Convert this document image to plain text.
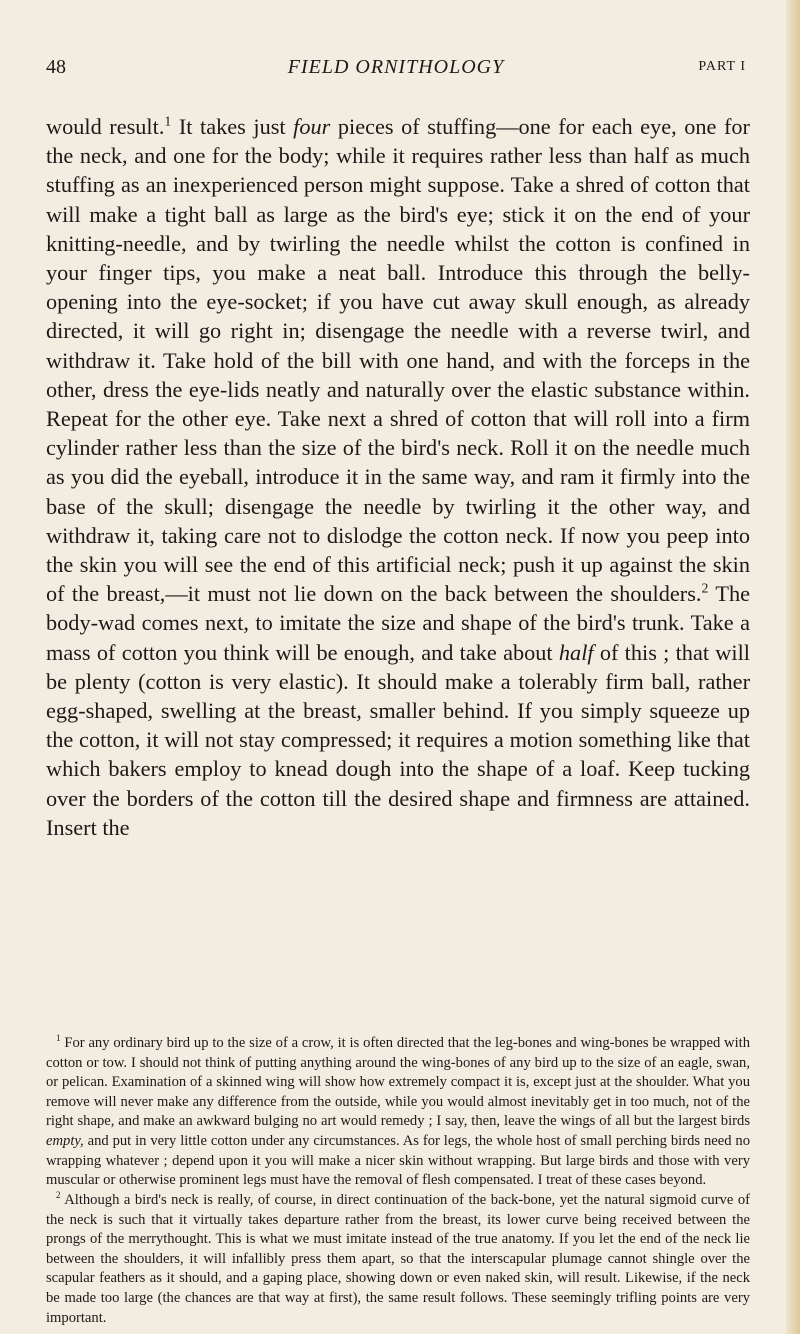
48	FIELD ORNITHOLOGY	PART I

would result.$^1$ It takes just four pieces of stuffing—one for each eye, one for the neck, and one for the body; while it requires rather less than half as much stuffing as an inexperienced person might suppose. Take a shred of cotton that will make a tight ball as large as the bird's eye; stick it on the end of your knitting-needle, and by twirling the needle whilst the cotton is confined in your finger tips, you make a neat ball. Introduce this through the belly-opening into the eye-socket; if you have cut away skull enough, as already directed, it will go right in; disengage the needle with a reverse twirl, and withdraw it. Take hold of the bill with one hand, and with the forceps in the other, dress the eye-lids neatly and naturally over the elastic substance within. Repeat for the other eye. Take next a shred of cotton that will roll into a firm cylinder rather less than the size of the bird's neck. Roll it on the needle much as you did the eyeball, introduce it in the same way, and ram it firmly into the base of the skull; disengage the needle by twirling it the other way, and withdraw it, taking care not to dislodge the cotton neck. If now you peep into the skin you will see the end of this artificial neck; push it up against the skin of the breast,—it must not lie down on the back between the shoulders.$^2$ The body-wad comes next, to imitate the size and shape of the bird's trunk. Take a mass of cotton you think will be enough, and take about half of this ; that will be plenty (cotton is very elastic). It should make a tolerably firm ball, rather egg-shaped, swelling at the breast, smaller behind. If you simply squeeze up the cotton, it will not stay compressed; it requires a motion something like that which bakers employ to knead dough into the shape of a loaf. Keep tucking over the borders of the cotton till the desired shape and firmness are attained. Insert the

$^1$ For any ordinary bird up to the size of a crow, it is often directed that the leg-bones and wing-bones be wrapped with cotton or tow. I should not think of putting anything around the wing-bones of any bird up to the size of an eagle, swan, or pelican. Examination of a skinned wing will show how extremely compact it is, except just at the shoulder. What you remove will never make any difference from the outside, while you would almost inevitably get in too much, not of the right shape, and make an awkward bulging no art would remedy ; I say, then, leave the wings of all but the largest birds empty, and put in very little cotton under any circumstances. As for legs, the whole host of small perching birds need no wrapping whatever ; depend upon it you will make a nicer skin without wrapping. But large birds and those with very muscular or otherwise prominent legs must have the removal of flesh compensated. I treat of these cases beyond.

$^2$ Although a bird's neck is really, of course, in direct continuation of the back-bone, yet the natural sigmoid curve of the neck is such that it virtually takes departure rather from the breast, its lower curve being received between the prongs of the merrythought. This is what we must imitate instead of the true anatomy. If you let the end of the neck lie between the shoulders, it will infallibly press them apart, so that the interscapular plumage cannot shingle over the scapular feathers as it should, and a gaping place, showing down or even naked skin, will result. Likewise, if the neck be made too large (the chances are that way at first), the same result follows. These seemingly trifling points are very important.
